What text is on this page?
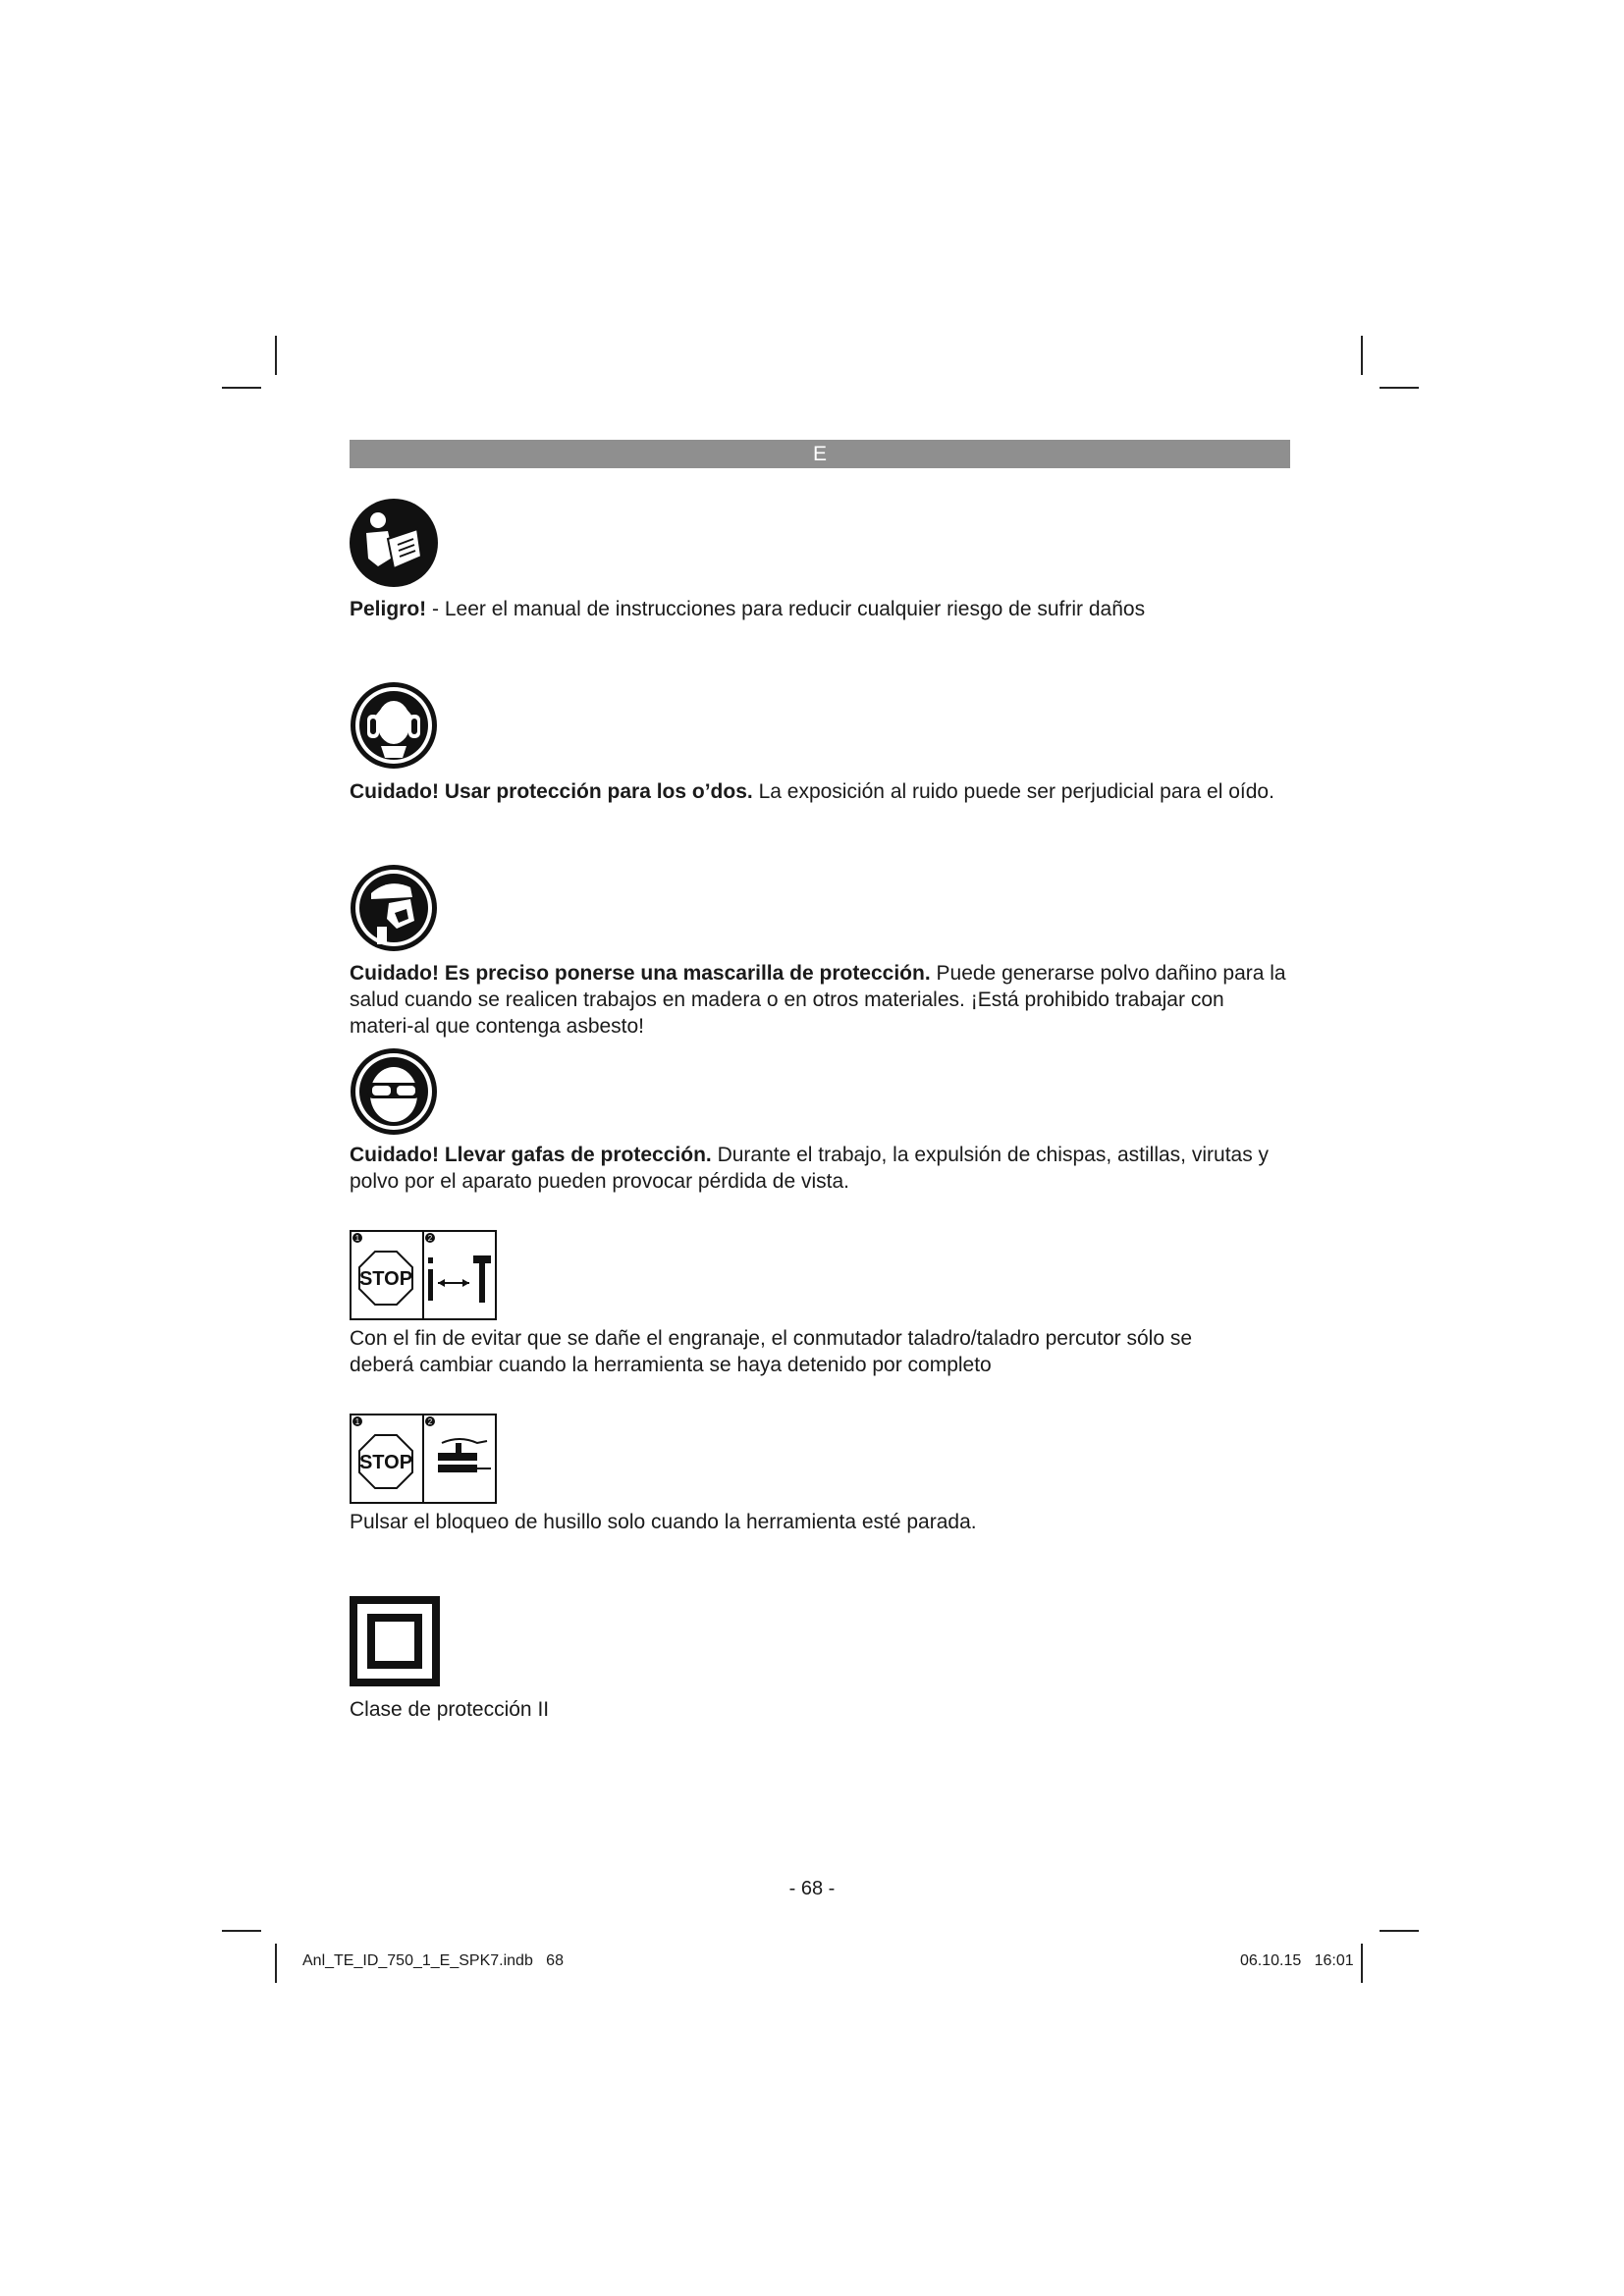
E
Peligro! - Leer el manual de instrucciones para reducir cualquier riesgo de sufrir daños
Cuidado! Usar protección para los o’dos. La exposición al ruido puede ser perjudicial para el oído.
Cuidado! Es preciso ponerse una mascarilla de protección. Puede generarse polvo dañino para la salud cuando se realicen trabajos en madera o en otros materiales. ¡Está prohibido trabajar con materi-al que contenga asbesto!
Cuidado! Llevar gafas de protección. Durante el trabajo, la expulsión de chispas, astillas, virutas y polvo por el aparato pueden provocar pérdida de vista.
1	2
STOP
Con el fin de evitar que se dañe el engranaje, el conmutador taladro/taladro percutor sólo se deberá cambiar cuando la herramienta se haya detenido por completo
1	2
STOP
Pulsar el bloqueo de husillo solo cuando la herramienta esté parada.
Clase de protección II
- 68 -
Anl_TE_ID_750_1_E_SPK7.indb   68	06.10.15   16:01
